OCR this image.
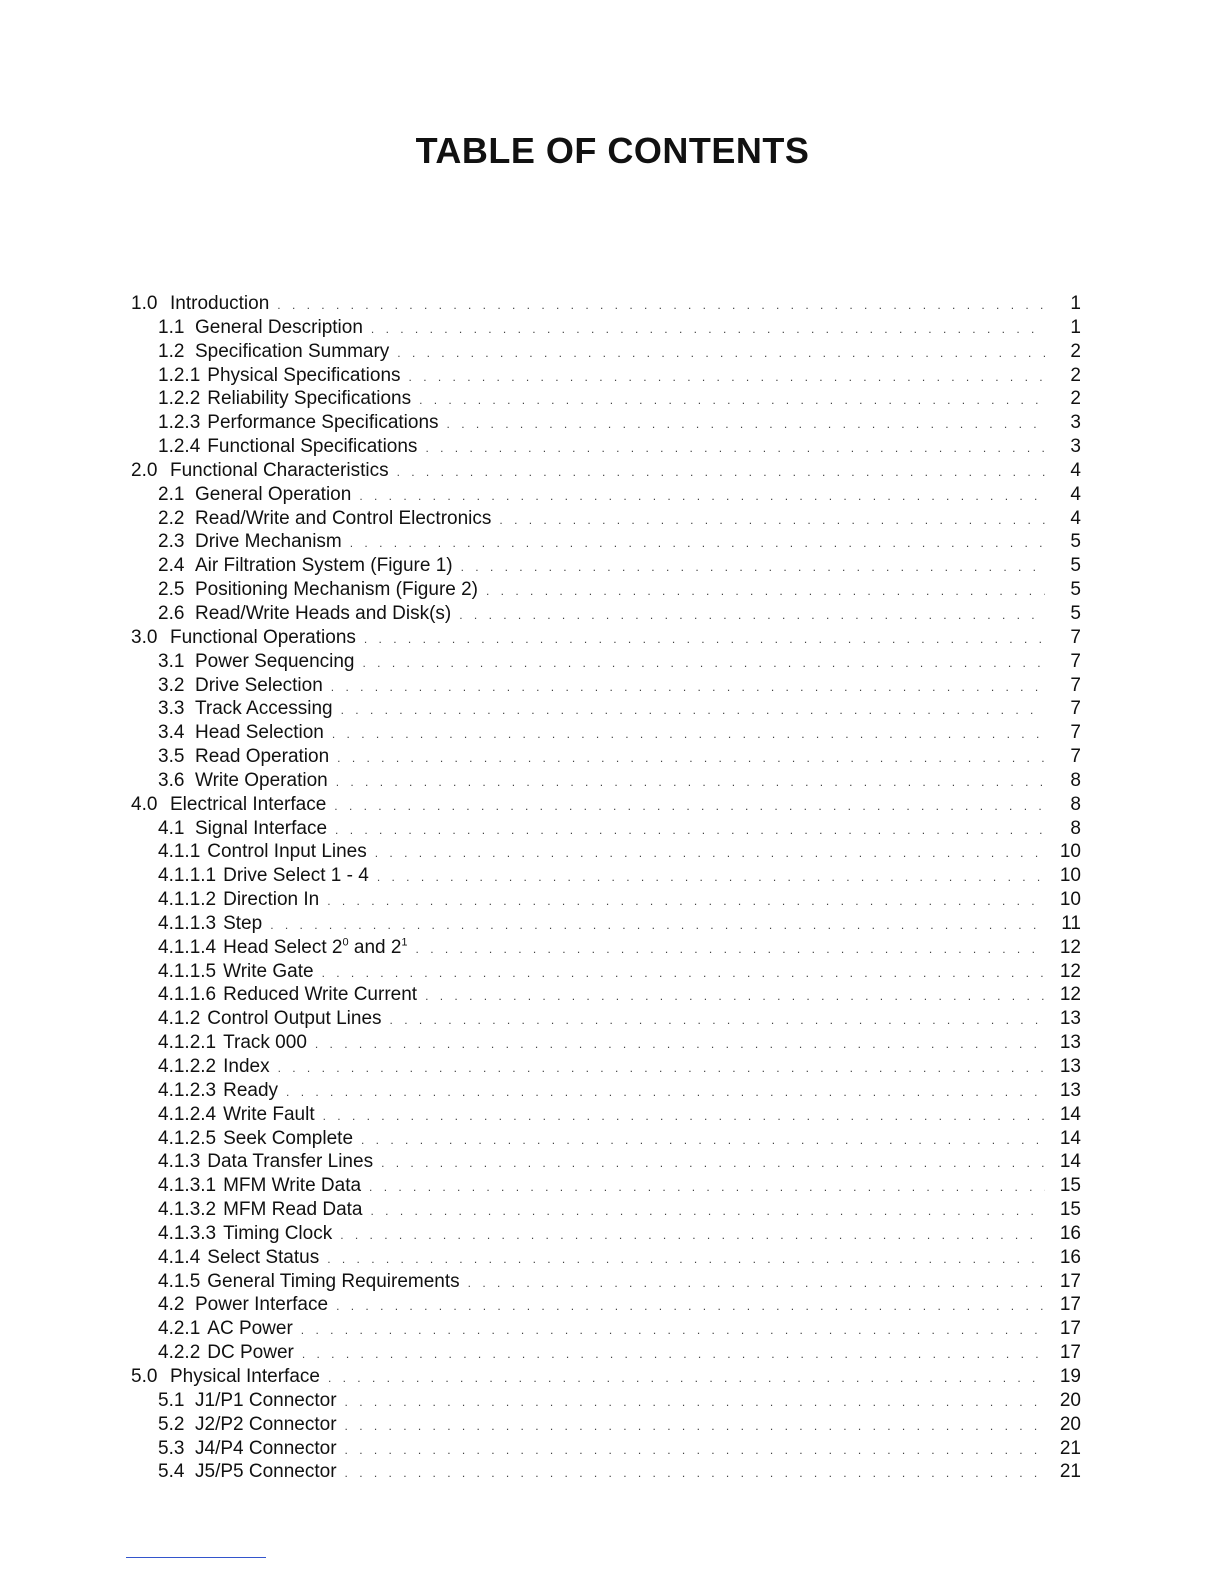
TABLE OF CONTENTS
1.0 Introduction . . .	1
1.1 General Description . . .	1
1.2 Specification Summary . . .	2
1.2.1 Physical Specifications . . .	2
1.2.2 Reliability Specifications . . .	2
1.2.3 Performance Specifications . . .	3
1.2.4 Functional Specifications . . .	3
2.0 Functional Characteristics . . .	4
2.1 General Operation . . .	4
2.2 Read/Write and Control Electronics . . .	4
2.3 Drive Mechanism . . .	5
2.4 Air Filtration System (Figure 1) . . .	5
2.5 Positioning Mechanism (Figure 2) . . .	5
2.6 Read/Write Heads and Disk(s) . . .	5
3.0 Functional Operations . . .	7
3.1 Power Sequencing . . .	7
3.2 Drive Selection . . .	7
3.3 Track Accessing . . .	7
3.4 Head Selection . . .	7
3.5 Read Operation . . .	7
3.6 Write Operation . . .	8
4.0 Electrical Interface . . .	8
4.1 Signal Interface . . .	8
4.1.1 Control Input Lines . . .	10
4.1.1.1 Drive Select 1 - 4 . . .	10
4.1.1.2 Direction In . . .	10
4.1.1.3 Step . . .	11
4.1.1.4 Head Select $2^0$ and $2^1$ . . .	12
4.1.1.5 Write Gate . . .	12
4.1.1.6 Reduced Write Current . . .	12
4.1.2 Control Output Lines . . .	13
4.1.2.1 Track 000 . . .	13
4.1.2.2 Index . . .	13
4.1.2.3 Ready . . .	13
4.1.2.4 Write Fault . . .	14
4.1.2.5 Seek Complete . . .	14
4.1.3 Data Transfer Lines . . .	14
4.1.3.1 MFM Write Data . . .	15
4.1.3.2 MFM Read Data . . .	15
4.1.3.3 Timing Clock . . .	16
4.1.4 Select Status . . .	16
4.1.5 General Timing Requirements . . .	17
4.2 Power Interface . . .	17
4.2.1 AC Power . . .	17
4.2.2 DC Power . . .	17
5.0 Physical Interface . . .	19
5.1 J1/P1 Connector . . .	20
5.2 J2/P2 Connector . . .	20
5.3 J4/P4 Connector . . .	21
5.4 J5/P5 Connector . . .	21
